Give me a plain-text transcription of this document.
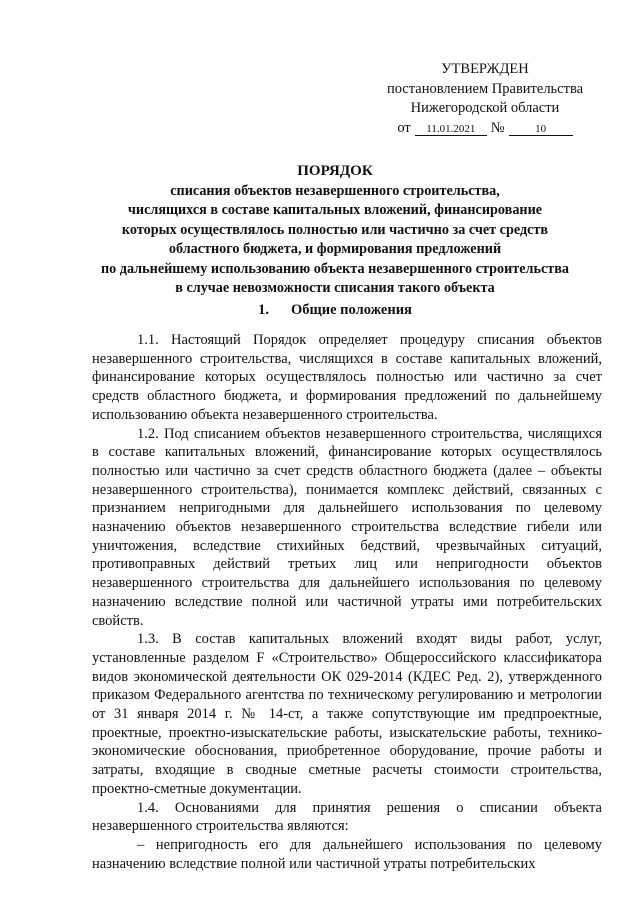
УТВЕРЖДЕН
постановлением Правительства
Нижегородской области
от	11.01.2021	№	10
ПОРЯДОК
списания объектов незавершенного строительства,
числящихся в составе капитальных вложений, финансирование
которых осуществлялось полностью или частично за счет средств
областного бюджета, и формирования предложений
по дальнейшему использованию объекта незавершенного строительства
в случае невозможности списания такого объекта
1. Общие положения

1.1. Настоящий Порядок определяет процедуру списания объектов незавершенного строительства, числящихся в составе капитальных вложений, финансирование которых осуществлялось полностью или частично за счет средств областного бюджета, и формирования предложений по дальнейшему использованию объекта незавершенного строительства.

1.2. Под списанием объектов незавершенного строительства, числящихся в составе капитальных вложений, финансирование которых осуществлялось полностью или частично за счет средств областного бюджета (далее – объекты незавершенного строительства), понимается комплекс действий, связанных с признанием непригодными для дальнейшего использования по целевому назначению объектов незавершенного строительства вследствие гибели или уничтожения, вследствие стихийных бедствий, чрезвычайных ситуаций, противоправных действий третьих лиц или непригодности объектов незавершенного строительства для дальнейшего использования по целевому назначению вследствие полной или частичной утраты ими потребительских свойств.

1.3. В состав капитальных вложений входят виды работ, услуг, установленные разделом F «Строительство» Общероссийского классификатора видов экономической деятельности ОК 029-2014 (КДЕС Ред. 2), утвержденного приказом Федерального агентства по техническому регулированию и метрологии от 31 января 2014 г. № 14-ст, а также сопутствующие им предпроектные, проектные, проектно-изыскательские работы, изыскательские работы, технико-экономические обоснования, приобретенное оборудование, прочие работы и затраты, входящие в сводные сметные расчеты стоимости строительства, проектно-сметные документации.

1.4. Основаниями для принятия решения о списании объекта незавершенного строительства являются:

– непригодность его для дальнейшего использования по целевому назначению вследствие полной или частичной утраты потребительских
